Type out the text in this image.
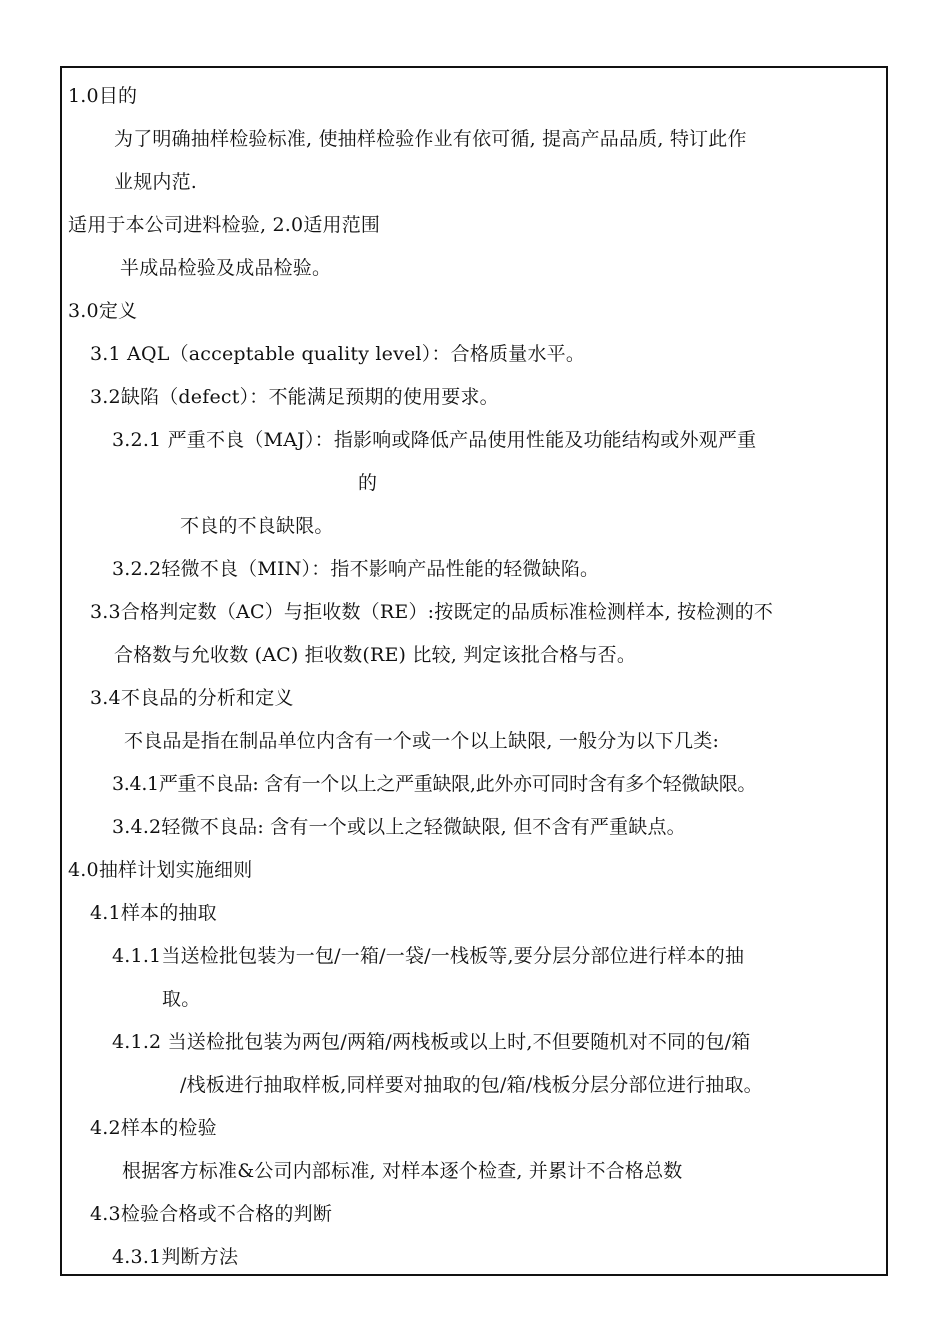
1.0目的
为了明确抽样检验标准, 使抽样检验作业有依可循, 提高产品品质, 特订此作
业规内范.
适用于本公司进料检验, 2.0适用范围
半成品检验及成品检验。
3.0定义
3.1 AQL（acceptable quality level）：合格质量水平。
3.2缺陷（defect）：不能满足预期的使用要求。
3.2.1 严重不良（MAJ）：指影响或降低产品使用性能及功能结构或外观严重
的
不良的不良缺限。
3.2.2轻微不良（MIN）：指不影响产品性能的轻微缺陷。
3.3合格判定数（AC）与拒收数（RE）:按既定的品质标准检测样本, 按检测的不
合格数与允收数 (AC) 拒收数(RE) 比较, 判定该批合格与否。
3.4不良品的分析和定义
不良品是指在制品单位内含有一个或一个以上缺限, 一般分为以下几类:
3.4.1严重不良品: 含有一个以上之严重缺限,此外亦可同时含有多个轻微缺限。
3.4.2轻微不良品: 含有一个或以上之轻微缺限, 但不含有严重缺点。
4.0抽样计划实施细则
4.1样本的抽取
4.1.1当送检批包装为一包/一箱/一袋/一栈板等,要分层分部位进行样本的抽
取。
4.1.2 当送检批包装为两包/两箱/两栈板或以上时,不但要随机对不同的包/箱
/栈板进行抽取样板,同样要对抽取的包/箱/栈板分层分部位进行抽取。
4.2样本的检验
根据客方标准&公司内部标准, 对样本逐个检查, 并累计不合格总数
4.3检验合格或不合格的判断
4.3.1判断方法
